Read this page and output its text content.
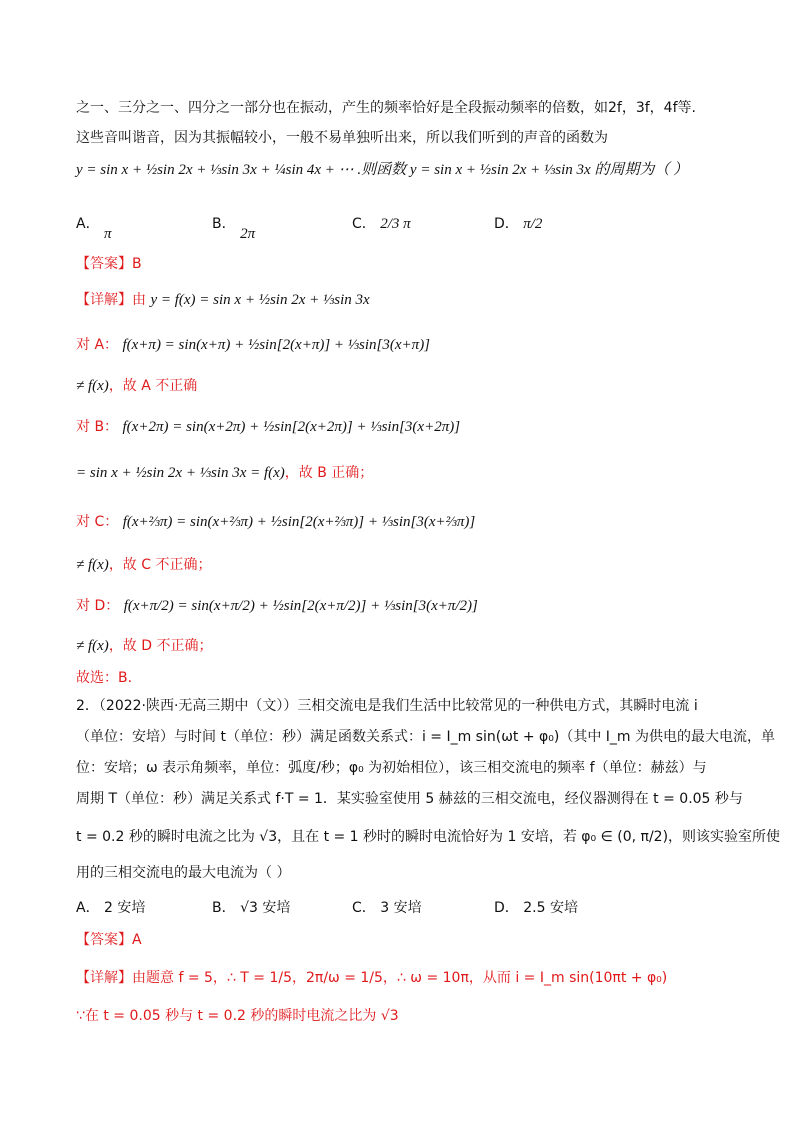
之一、三分之一、四分之一部分也在振动，产生的频率恰好是全段振动频率的倍数，如2f，3f，4f等.
这些音叫谐音，因为其振幅较小，一般不易单独听出来，所以我们听到的声音的函数为
y = sin x + ½sin 2x + ⅓sin 3x + ¼sin 4x + ⋯ .则函数 y = sin x + ½sin 2x + ⅓sin 3x 的周期为（ ）
A． π
B． 2π
C． 2/3 π	D． π/2
【答案】B
【详解】由 y = f(x) = sin x + ½sin 2x + ⅓sin 3x
对 A： f(x+π) = sin(x+π) + ½sin[2(x+π)] + ⅓sin[3(x+π)]
≠ f(x)，故 A 不正确
对 B： f(x+2π) = sin(x+2π) + ½sin[2(x+2π)] + ⅓sin[3(x+2π)]
= sin x + ½sin 2x + ⅓sin 3x = f(x)，故 B 正确；
对 C： f(x+⅔π) = sin(x+⅔π) + ½sin[2(x+⅔π)] + ⅓sin[3(x+⅔π)]
≠ f(x)，故 C 不正确；
对 D： f(x+π/2) = sin(x+π/2) + ½sin[2(x+π/2)] + ⅓sin[3(x+π/2)]
≠ f(x)，故 D 不正确；
故选：B.
2．（2022·陕西·无高三期中（文））三相交流电是我们生活中比较常见的一种供电方式，其瞬时电流 i
（单位：安培）与时间 t（单位：秒）满足函数关系式：i = I_m sin(ωt + φ₀)（其中 I_m 为供电的最大电流，单
位：安培；ω 表示角频率，单位：弧度/秒；φ₀ 为初始相位），该三相交流电的频率 f（单位：赫兹）与
周期 T（单位：秒）满足关系式 f·T = 1．某实验室使用 5 赫兹的三相交流电，经仪器测得在 t = 0.05 秒与
t = 0.2 秒的瞬时电流之比为 √3，且在 t = 1 秒时的瞬时电流恰好为 1 安培，若 φ₀ ∈ (0, π/2)，则该实验室所使
用的三相交流电的最大电流为（ ）
A． 2 安培	B． √3 安培	C． 3 安培	D． 2.5 安培
【答案】A
【详解】由题意 f = 5，∴ T = 1/5，2π/ω = 1/5，∴ ω = 10π，从而 i = I_m sin(10πt + φ₀)
∵在 t = 0.05 秒与 t = 0.2 秒的瞬时电流之比为 √3
